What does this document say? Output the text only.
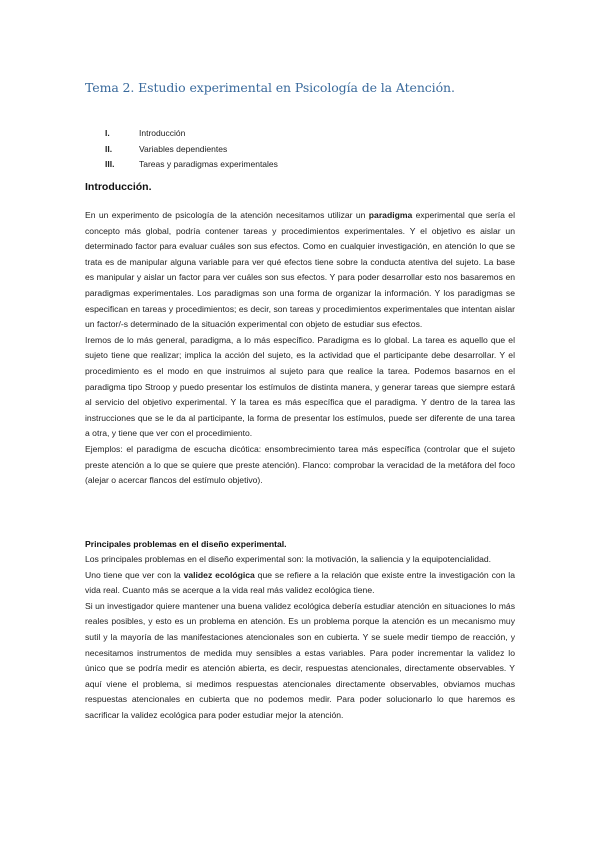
Tema 2. Estudio experimental en Psicología de la Atención.
I.	Introducción
II.	Variables dependientes
III.	Tareas y paradigmas experimentales
Introducción.

En un experimento de psicología de la atención necesitamos utilizar un paradigma experimental que sería el concepto más global, podría contener tareas y procedimientos experimentales. Y el objetivo es aislar un determinado factor para evaluar cuáles son sus efectos. Como en cualquier investigación, en atención lo que se trata es de manipular alguna variable para ver qué efectos tiene sobre la conducta atentiva del sujeto. La base es manipular y aislar un factor para ver cuáles son sus efectos. Y para poder desarrollar esto nos basaremos en paradigmas experimentales. Los paradigmas son una forma de organizar la información. Y los paradigmas se especifican en tareas y procedimientos; es decir, son tareas y procedimientos experimentales que intentan aislar un factor/-s determinado de la situación experimental con objeto de estudiar sus efectos.

Iremos de lo más general, paradigma, a lo más específico. Paradigma es lo global. La tarea es aquello que el sujeto tiene que realizar; implica la acción del sujeto, es la actividad que el participante debe desarrollar. Y el procedimiento es el modo en que instruimos al sujeto para que realice la tarea. Podemos basarnos en el paradigma tipo Stroop y puedo presentar los estímulos de distinta manera, y generar tareas que siempre estará al servicio del objetivo experimental. Y la tarea es más específica que el paradigma. Y dentro de la tarea las instrucciones que se le da al participante, la forma de presentar los estímulos, puede ser diferente de una tarea a otra, y tiene que ver con el procedimiento.

Ejemplos: el paradigma de escucha dicótica: ensombrecimiento tarea más específica (controlar que el sujeto preste atención a lo que se quiere que preste atención). Flanco: comprobar la veracidad de la metáfora del foco (alejar o acercar flancos del estímulo objetivo).

Principales problemas en el diseño experimental.

Los principales problemas en el diseño experimental son: la motivación, la saliencia y la equipotencialidad.

Uno tiene que ver con la validez ecológica que se refiere a la relación que existe entre la investigación con la vida real. Cuanto más se acerque a la vida real más validez ecológica tiene.

Si un investigador quiere mantener una buena validez ecológica debería estudiar atención en situaciones lo más reales posibles, y esto es un problema en atención. Es un problema porque la atención es un mecanismo muy sutil y la mayoría de las manifestaciones atencionales son en cubierta. Y se suele medir tiempo de reacción, y necesitamos instrumentos de medida muy sensibles a estas variables. Para poder incrementar la validez lo único que se podría medir es atención abierta, es decir, respuestas atencionales, directamente observables. Y aquí viene el problema, si medimos respuestas atencionales directamente observables, obviamos muchas respuestas atencionales en cubierta que no podemos medir. Para poder solucionarlo lo que haremos es sacrificar la validez ecológica para poder estudiar mejor la atención.
